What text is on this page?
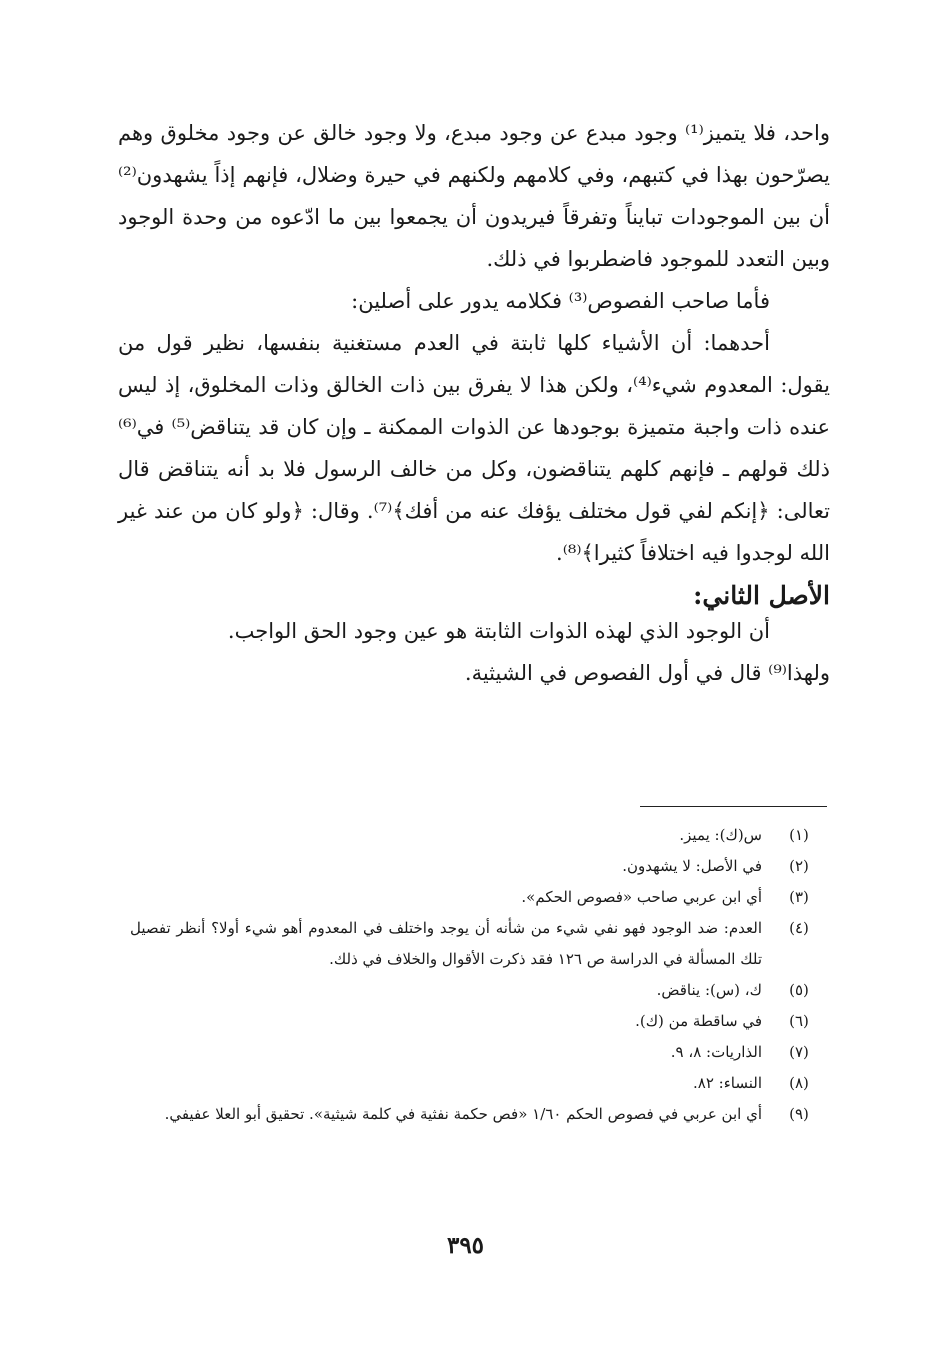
واحد، فلا يتميز⁽¹⁾ وجود مبدع عن وجود مبدع، ولا وجود خالق عن وجود مخلوق وهم يصرّحون بهذا في كتبهم، وفي كلامهم ولكنهم في حيرة وضلال، فإنهم إذاً يشهدون⁽²⁾ أن بين الموجودات تبايناً وتفرقاً فيريدون أن يجمعوا بين ما ادّعوه من وحدة الوجود وبين التعدد للموجود فاضطربوا في ذلك.

فأما صاحب الفصوص⁽³⁾ فكلامه يدور على أصلين:

أحدهما: أن الأشياء كلها ثابتة في العدم مستغنية بنفسها، نظير قول من يقول: المعدوم شيء⁽⁴⁾، ولكن هذا لا يفرق بين ذات الخالق وذات المخلوق، إذ ليس عنده ذات واجبة متميزة بوجودها عن الذوات الممكنة ـ وإن كان قد يتناقض⁽⁵⁾ في⁽⁶⁾ ذلك قولهم ـ فإنهم كلهم يتناقضون، وكل من خالف الرسول فلا بد أنه يتناقض قال تعالى: ﴿إنكم لفي قول مختلف يؤفك عنه من أفك﴾⁽⁷⁾. وقال: ﴿ولو كان من عند غير الله لوجدوا فيه اختلافاً كثيرا﴾⁽⁸⁾.

الأصل الثاني:

أن الوجود الذي لهذه الذوات الثابتة هو عين وجود الحق الواجب.

ولهذا⁽⁹⁾ قال في أول الفصوص في الشيثية.

(١)
س(ك): يميز.
(٢)
في الأصل: لا يشهدون.
(٣)
أي ابن عربي صاحب «فصوص الحكم».
(٤)
العدم: ضد الوجود فهو نفي شيء من شأنه أن يوجد واختلف في المعدوم أهو شيء أولا؟ أنظر تفصيل تلك المسألة في الدراسة ص ١٢٦ فقد ذكرت الأقوال والخلاف في ذلك.
(٥)
ك، (س): يناقض.
(٦)
في ساقطة من (ك).
(٧)
الذاريات: ٨، ٩.
(٨)
النساء: ٨٢.
(٩)
أي ابن عربي في فصوص الحكم ١/٦٠ «فص حكمة نفثية في كلمة شيثية». تحقيق أبو العلا عفيفي.
٣٩٥
